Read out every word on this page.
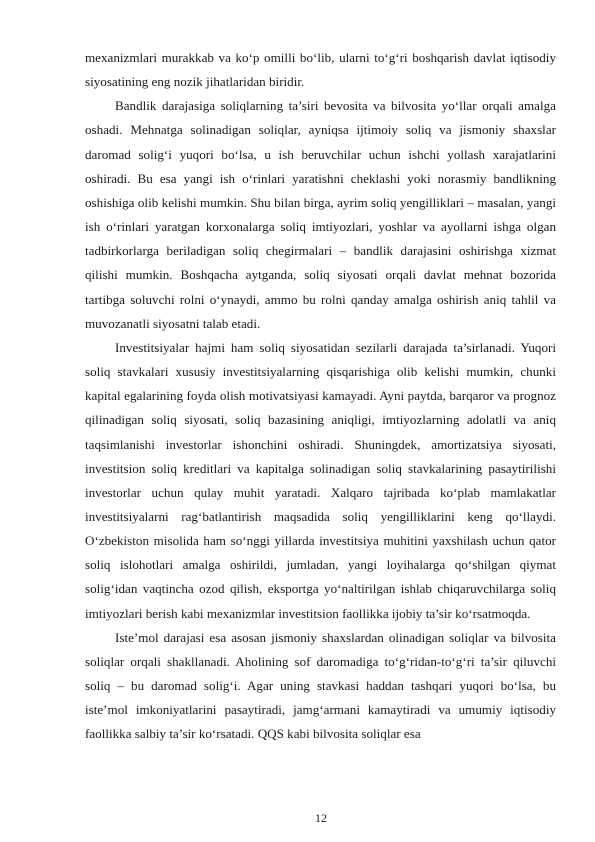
mexanizmlari murakkab va ko‘p omilli bo‘lib, ularni to‘g‘ri boshqarish davlat iqtisodiy siyosatining eng nozik jihatlaridan biridir.

Bandlik darajasiga soliqlarning ta’siri bevosita va bilvosita yo‘llar orqali amalga oshadi. Mehnatga solinadigan soliqlar, ayniqsa ijtimoiy soliq va jismoniy shaxslar daromad solig‘i yuqori bo‘lsa, u ish beruvchilar uchun ishchi yollash xarajatlarini oshiradi. Bu esa yangi ish o‘rinlari yaratishni cheklashi yoki norasmiy bandlikning oshishiga olib kelishi mumkin. Shu bilan birga, ayrim soliq yengilliklari – masalan, yangi ish o‘rinlari yaratgan korxonalarga soliq imtiyozlari, yoshlar va ayollarni ishga olgan tadbirkorlarga beriladigan soliq chegirmalari – bandlik darajasini oshirishga xizmat qilishi mumkin. Boshqacha aytganda, soliq siyosati orqali davlat mehnat bozorida tartibga soluvchi rolni o‘ynaydi, ammo bu rolni qanday amalga oshirish aniq tahlil va muvozanatli siyosatni talab etadi.

Investitsiyalar hajmi ham soliq siyosatidan sezilarli darajada ta’sirlanadi. Yuqori soliq stavkalari xususiy investitsiyalarning qisqarishiga olib kelishi mumkin, chunki kapital egalarining foyda olish motivatsiyasi kamayadi. Ayni paytda, barqaror va prognoz qilinadigan soliq siyosati, soliq bazasining aniqligi, imtiyozlarning adolatli va aniq taqsimlanishi investorlar ishonchini oshiradi. Shuningdek, amortizatsiya siyosati, investitsion soliq kreditlari va kapitalga solinadigan soliq stavkalarining pasaytirilishi investorlar uchun qulay muhit yaratadi. Xalqaro tajribada ko‘plab mamlakatlar investitsiyalarni rag‘batlantirish maqsadida soliq yengilliklarini keng qo‘llaydi. O‘zbekiston misolida ham so‘nggi yillarda investitsiya muhitini yaxshilash uchun qator soliq islohotlari amalga oshirildi, jumladan, yangi loyihalarga qo‘shilgan qiymat solig‘idan vaqtincha ozod qilish, eksportga yo‘naltirilgan ishlab chiqaruvchilarga soliq imtiyozlari berish kabi mexanizmlar investitsion faollikka ijobiy ta’sir ko‘rsatmoqda.

Iste’mol darajasi esa asosan jismoniy shaxslardan olinadigan soliqlar va bilvosita soliqlar orqali shakllanadi. Aholining sof daromadiga to‘g‘ridan-to‘g‘ri ta’sir qiluvchi soliq – bu daromad solig‘i. Agar uning stavkasi haddan tashqari yuqori bo‘lsa, bu iste’mol imkoniyatlarini pasaytiradi, jamg‘armani kamaytiradi va umumiy iqtisodiy faollikka salbiy ta’sir ko‘rsatadi. QQS kabi bilvosita soliqlar esa

12
